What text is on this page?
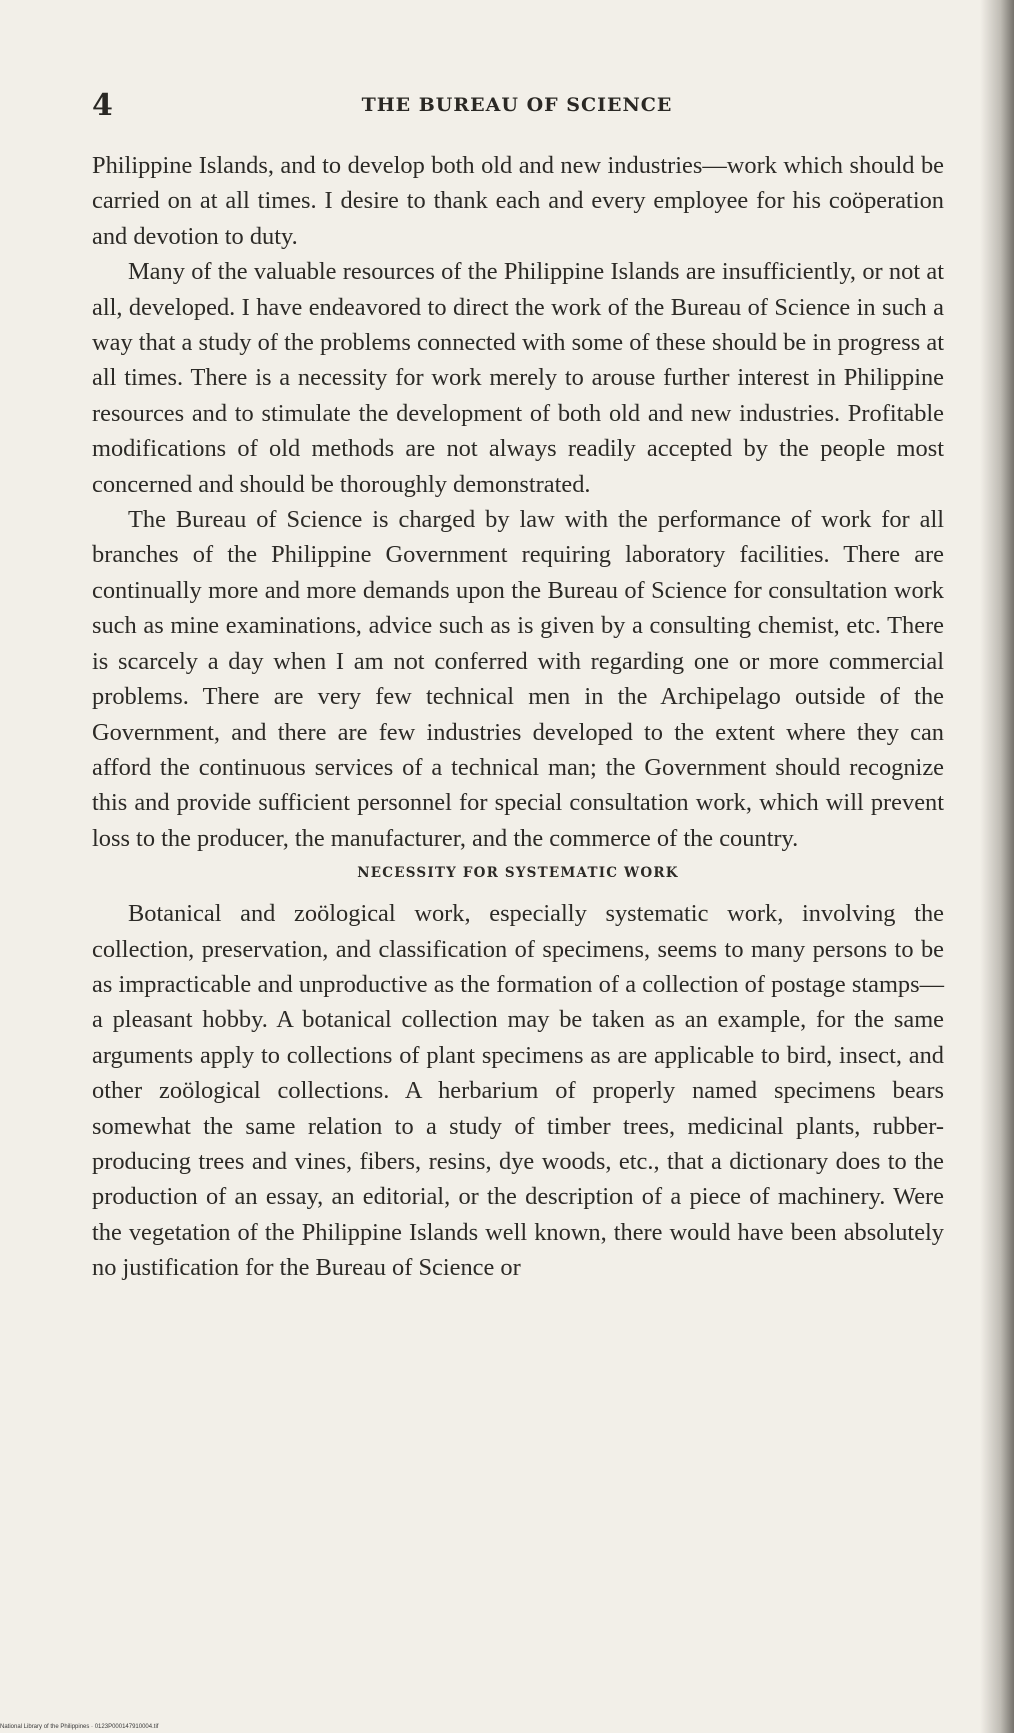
4	THE BUREAU OF SCIENCE

Philippine Islands, and to develop both old and new industries—work which should be carried on at all times. I desire to thank each and every employee for his coöperation and devotion to duty.

Many of the valuable resources of the Philippine Islands are insufficiently, or not at all, developed. I have endeavored to direct the work of the Bureau of Science in such a way that a study of the problems connected with some of these should be in progress at all times. There is a necessity for work merely to arouse further interest in Philippine resources and to stimulate the development of both old and new industries. Profitable modifications of old methods are not always readily accepted by the people most concerned and should be thoroughly demonstrated.

The Bureau of Science is charged by law with the performance of work for all branches of the Philippine Government requiring laboratory facilities. There are continually more and more demands upon the Bureau of Science for consultation work such as mine examinations, advice such as is given by a consulting chemist, etc. There is scarcely a day when I am not conferred with regarding one or more commercial problems. There are very few technical men in the Archipelago outside of the Government, and there are few industries developed to the extent where they can afford the continuous services of a technical man; the Government should recognize this and provide sufficient personnel for special consultation work, which will prevent loss to the producer, the manufacturer, and the commerce of the country.

NECESSITY FOR SYSTEMATIC WORK

Botanical and zoölogical work, especially systematic work, involving the collection, preservation, and classification of specimens, seems to many persons to be as impracticable and unproductive as the formation of a collection of postage stamps—a pleasant hobby. A botanical collection may be taken as an example, for the same arguments apply to collections of plant specimens as are applicable to bird, insect, and other zoölogical collections. A herbarium of properly named specimens bears somewhat the same relation to a study of timber trees, medicinal plants, rubber-producing trees and vines, fibers, resins, dye woods, etc., that a dictionary does to the production of an essay, an editorial, or the description of a piece of machinery. Were the vegetation of the Philippine Islands well known, there would have been absolutely no justification for the Bureau of Science or

National Library of the Philippines · 0123P000147910004.tif
